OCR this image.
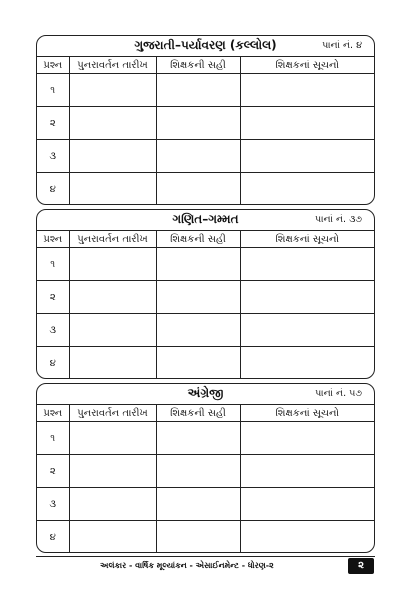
ગુજરાતી–પર્યાવરણ (કલ્લોલ)	પાનાં નં. ૪
પ્રશ્ન	પુનરાવર્તન તારીખ	શિક્ષકની સહી	શિક્ષકનાં સૂચનો
૧			
૨			
૩			
૪			
ગણિત–ગમ્મત	પાનાં નં. ૩૭
પ્રશ્ન	પુનરાવર્તન તારીખ	શિક્ષકની સહી	શિક્ષકનાં સૂચનો
૧			
૨			
૩			
૪			
અંગ્રેજી	પાનાં નં. ૫૭
પ્રશ્ન	પુનરાવર્તન તારીખ	શિક્ષકની સહી	શિક્ષકનાં સૂચનો
૧			
૨			
૩			
૪			
અલંકાર - વાર્ષિક મૂલ્યાંકન - એસાઈનમેન્ટ - ધોરણ-૨	૨
